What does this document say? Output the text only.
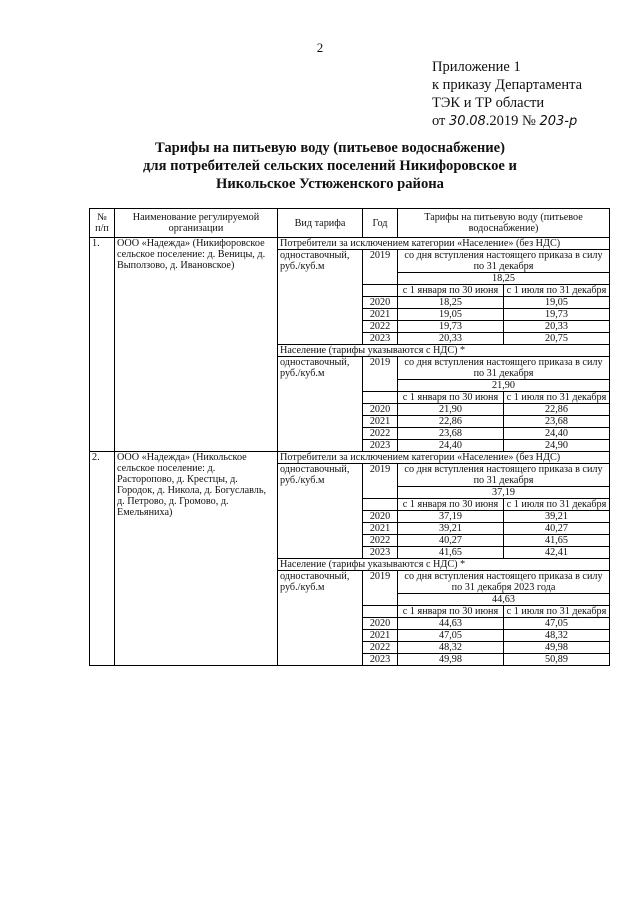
2
Приложение 1
к приказу Департамента
ТЭК и ТР области
от 30.08.2019 № 203-р
Тарифы на питьевую воду (питьевое водоснабжение)
для потребителей сельских поселений Никифоровское и
Никольское Устюженского района
№ п/п	Наименование регулируемой организации	Вид тарифа	Год	Тарифы на питьевую воду (питьевое водоснабжение)	
1.	ООО «Надежда» (Никифоровское сельское поселение: д. Веницы, д. Выползово, д. Ивановское)	Потребители за исключением категории «Население» (без НДС)			
		одноставочный, руб./куб.м	2019	со дня вступления настоящего приказа в силу по 31 декабря	
				18,25	
				с 1 января по 30 июня	с 1 июля по 31 декабря
			2020	18,25	19,05
			2021	19,05	19,73
			2022	19,73	20,33
			2023	20,33	20,75
		Население (тарифы указываются с НДС) *			
		одноставочный, руб./куб.м	2019	со дня вступления настоящего приказа в силу по 31 декабря	
				21,90	
				с 1 января по 30 июня	с 1 июля по 31 декабря
			2020	21,90	22,86
			2021	22,86	23,68
			2022	23,68	24,40
			2023	24,40	24,90
2.	ООО «Надежда» (Никольское сельское поселение: д. Расторопово, д. Крестцы, д. Городок, д. Никола, д. Богуславль, д. Петрово, д. Громово, д. Емельяниха)	Потребители за исключением категории «Население» (без НДС)			
		одноставочный, руб./куб.м	2019	со дня вступления настоящего приказа в силу по 31 декабря	
				37,19	
				с 1 января по 30 июня	с 1 июля по 31 декабря
			2020	37,19	39,21
			2021	39,21	40,27
			2022	40,27	41,65
			2023	41,65	42,41
		Население (тарифы указываются с НДС) *			
		одноставочный, руб./куб.м	2019	со дня вступления настоящего приказа в силу по 31 декабря 2023 года	
				44,63	
				с 1 января по 30 июня	с 1 июля по 31 декабря
			2020	44,63	47,05
			2021	47,05	48,32
			2022	48,32	49,98
			2023	49,98	50,89
